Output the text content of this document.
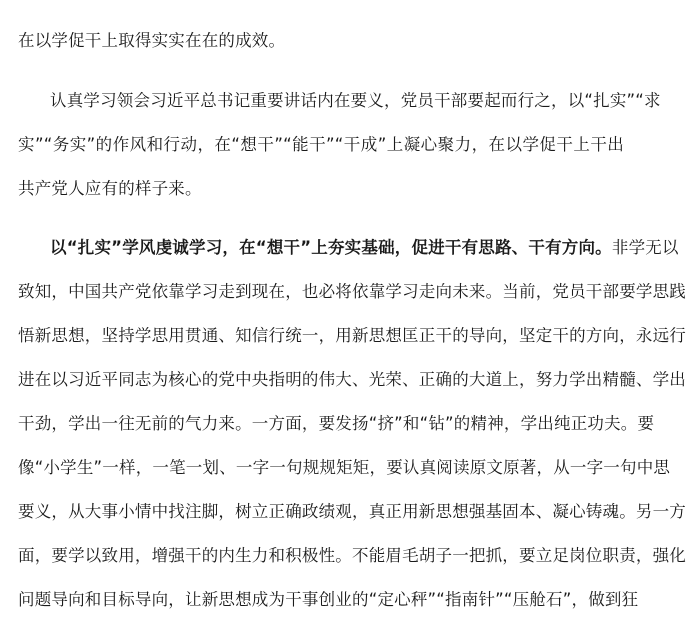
在以学促干上取得实实在在的成效。
认真学习领会习近平总书记重要讲话内在要义，党员干部要起而行之，以“扎实”“求
实”“务实”的作风和行动，在“想干”“能干”“干成”上凝心聚力，在以学促干上干出
共产党人应有的样子来。
以“扎实”学风虔诚学习，在“想干”上夯实基础，促进干有思路、干有方向。 非学无以
致知，中国共产党依靠学习走到现在，也必将依靠学习走向未来。当前，党员干部要学思践
悟新思想，坚持学思用贯通、知信行统一，用新思想匡正干的导向，坚定干的方向，永远行
进在以习近平同志为核心的党中央指明的伟大、光荣、正确的大道上，努力学出精髓、学出
干劲，学出一往无前的气力来。一方面，要发扬“挤”和“钻”的精神，学出纯正功夫。要
像“小学生”一样，一笔一划、一字一句规规矩矩，要认真阅读原文原著，从一字一句中思
要义，从大事小情中找注脚，树立正确政绩观，真正用新思想强基固本、凝心铸魂。另一方
面，要学以致用，增强干的内生力和积极性。不能眉毛胡子一把抓，要立足岗位职责，强化
问题导向和目标导向，让新思想成为干事创业的“定心秤”“指南针”“压舱石”，做到狂
